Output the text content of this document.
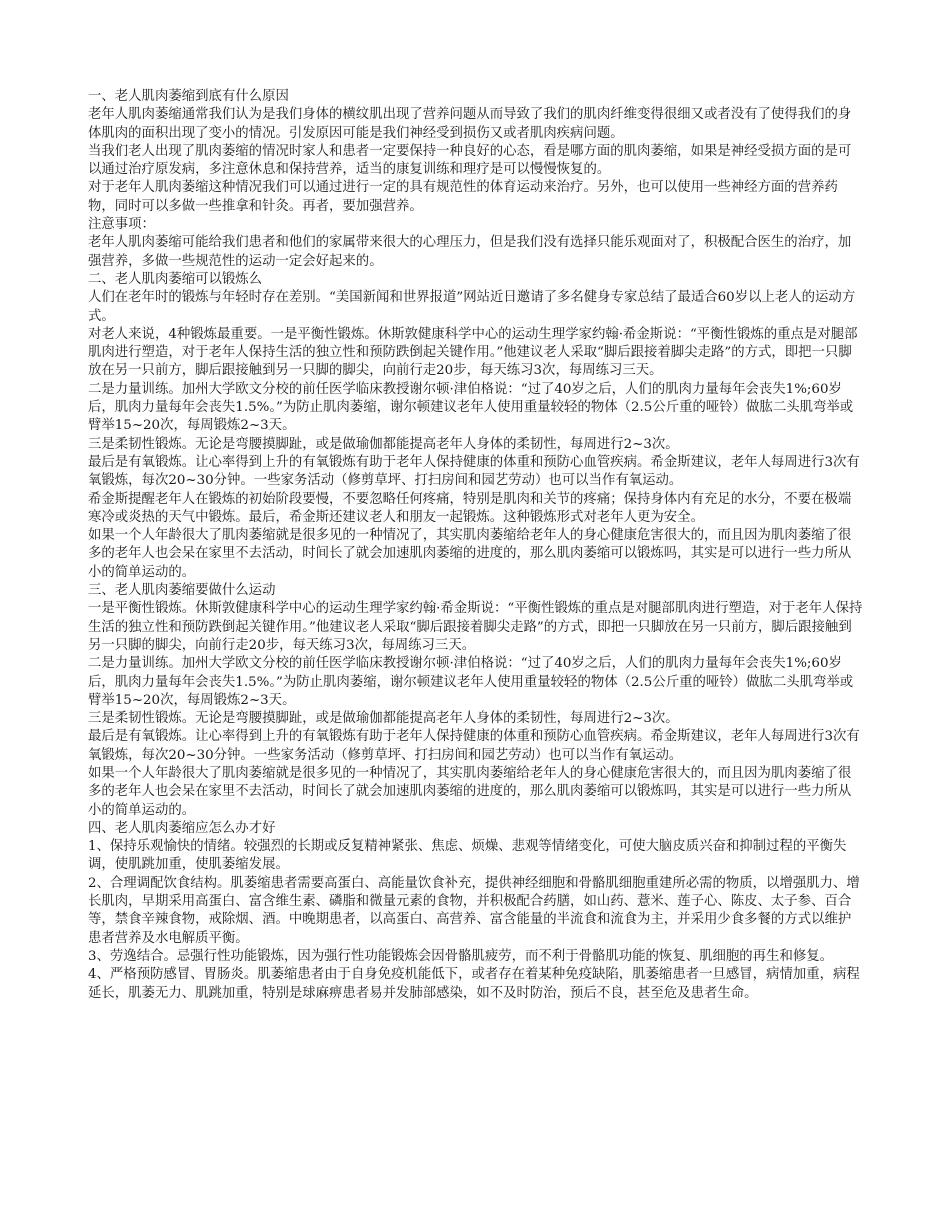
一、老人肌肉萎缩到底有什么原因

老年人肌肉萎缩通常我们认为是我们身体的横纹肌出现了营养问题从而导致了我们的肌肉纤维变得很细又或者没有了使得我们的身体肌肉的面积出现了变小的情况。引发原因可能是我们神经受到损伤又或者肌肉疾病问题。

当我们老人出现了肌肉萎缩的情况时家人和患者一定要保持一种良好的心态，看是哪方面的肌肉萎缩，如果是神经受损方面的是可以通过治疗原发病，多注意休息和保持营养，适当的康复训练和理疗是可以慢慢恢复的。

对于老年人肌肉萎缩这种情况我们可以通过进行一定的具有规范性的体育运动来治疗。另外，也可以使用一些神经方面的营养药物，同时可以多做一些推拿和针灸。再者，要加强营养。

注意事项：

老年人肌肉萎缩可能给我们患者和他们的家属带来很大的心理压力，但是我们没有选择只能乐观面对了，积极配合医生的治疗，加强营养，多做一些规范性的运动一定会好起来的。

二、老人肌肉萎缩可以锻炼么

人们在老年时的锻炼与年轻时存在差别。“美国新闻和世界报道”网站近日邀请了多名健身专家总结了最适合60岁以上老人的运动方式。

对老人来说，4种锻炼最重要。一是平衡性锻炼。休斯敦健康科学中心的运动生理学家约翰·希金斯说：“平衡性锻炼的重点是对腿部肌肉进行塑造，对于老年人保持生活的独立性和预防跌倒起关键作用。”他建议老人采取“脚后跟接着脚尖走路”的方式，即把一只脚放在另一只前方，脚后跟接触到另一只脚的脚尖，向前行走20步，每天练习3次，每周练习三天。

二是力量训练。加州大学欧文分校的前任医学临床教授谢尔顿·津伯格说：“过了40岁之后，人们的肌肉力量每年会丧失1%;60岁后，肌肉力量每年会丧失1.5%。”为防止肌肉萎缩，谢尔顿建议老年人使用重量较轻的物体（2.5公斤重的哑铃）做肱二头肌弯举或臂举15~20次，每周锻炼2~3天。

三是柔韧性锻炼。无论是弯腰摸脚趾，或是做瑜伽都能提高老年人身体的柔韧性，每周进行2~3次。

最后是有氧锻炼。让心率得到上升的有氧锻炼有助于老年人保持健康的体重和预防心血管疾病。希金斯建议，老年人每周进行3次有氧锻炼，每次20~30分钟。一些家务活动（修剪草坪、打扫房间和园艺劳动）也可以当作有氧运动。

希金斯提醒老年人在锻炼的初始阶段要慢，不要忽略任何疼痛，特别是肌肉和关节的疼痛；保持身体内有充足的水分，不要在极端寒冷或炎热的天气中锻炼。最后，希金斯还建议老人和朋友一起锻炼。这种锻炼形式对老年人更为安全。

如果一个人年龄很大了肌肉萎缩就是很多见的一种情况了，其实肌肉萎缩给老年人的身心健康危害很大的，而且因为肌肉萎缩了很多的老年人也会呆在家里不去活动，时间长了就会加速肌肉萎缩的进度的，那么肌肉萎缩可以锻炼吗，其实是可以进行一些力所从小的简单运动的。

三、老人肌肉萎缩要做什么运动

一是平衡性锻炼。休斯敦健康科学中心的运动生理学家约翰·希金斯说：“平衡性锻炼的重点是对腿部肌肉进行塑造，对于老年人保持生活的独立性和预防跌倒起关键作用。”他建议老人采取“脚后跟接着脚尖走路”的方式，即把一只脚放在另一只前方，脚后跟接触到另一只脚的脚尖，向前行走20步，每天练习3次，每周练习三天。

二是力量训练。加州大学欧文分校的前任医学临床教授谢尔顿·津伯格说：“过了40岁之后，人们的肌肉力量每年会丧失1%;60岁后，肌肉力量每年会丧失1.5%。”为防止肌肉萎缩，谢尔顿建议老年人使用重量较轻的物体（2.5公斤重的哑铃）做肱二头肌弯举或臂举15~20次，每周锻炼2~3天。

三是柔韧性锻炼。无论是弯腰摸脚趾，或是做瑜伽都能提高老年人身体的柔韧性，每周进行2~3次。

最后是有氧锻炼。让心率得到上升的有氧锻炼有助于老年人保持健康的体重和预防心血管疾病。希金斯建议，老年人每周进行3次有氧锻炼，每次20~30分钟。一些家务活动（修剪草坪、打扫房间和园艺劳动）也可以当作有氧运动。

如果一个人年龄很大了肌肉萎缩就是很多见的一种情况了，其实肌肉萎缩给老年人的身心健康危害很大的，而且因为肌肉萎缩了很多的老年人也会呆在家里不去活动，时间长了就会加速肌肉萎缩的进度的，那么肌肉萎缩可以锻炼吗，其实是可以进行一些力所从小的简单运动的。

四、老人肌肉萎缩应怎么办才好

1、保持乐观愉快的情绪。较强烈的长期或反复精神紧张、焦虑、烦燥、悲观等情绪变化，可使大脑皮质兴奋和抑制过程的平衡失调，使肌跳加重，使肌萎缩发展。

2、合理调配饮食结构。肌萎缩患者需要高蛋白、高能量饮食补充，提供神经细胞和骨骼肌细胞重建所必需的物质，以增强肌力、增长肌肉，早期采用高蛋白、富含维生素、磷脂和微量元素的食物，并积极配合药膳，如山药、薏米、莲子心、陈皮、太子参、百合等，禁食辛辣食物，戒除烟、酒。中晚期患者，以高蛋白、高营养、富含能量的半流食和流食为主，并采用少食多餐的方式以维护患者营养及水电解质平衡。

3、劳逸结合。忌强行性功能锻炼，因为强行性功能锻炼会因骨骼肌疲劳，而不利于骨骼肌功能的恢复、肌细胞的再生和修复。

4、严格预防感冒、胃肠炎。肌萎缩患者由于自身免疫机能低下，或者存在着某种免疫缺陷，肌萎缩患者一旦感冒，病情加重，病程延长，肌萎无力、肌跳加重，特别是球麻痹患者易并发肺部感染，如不及时防治，预后不良，甚至危及患者生命。
